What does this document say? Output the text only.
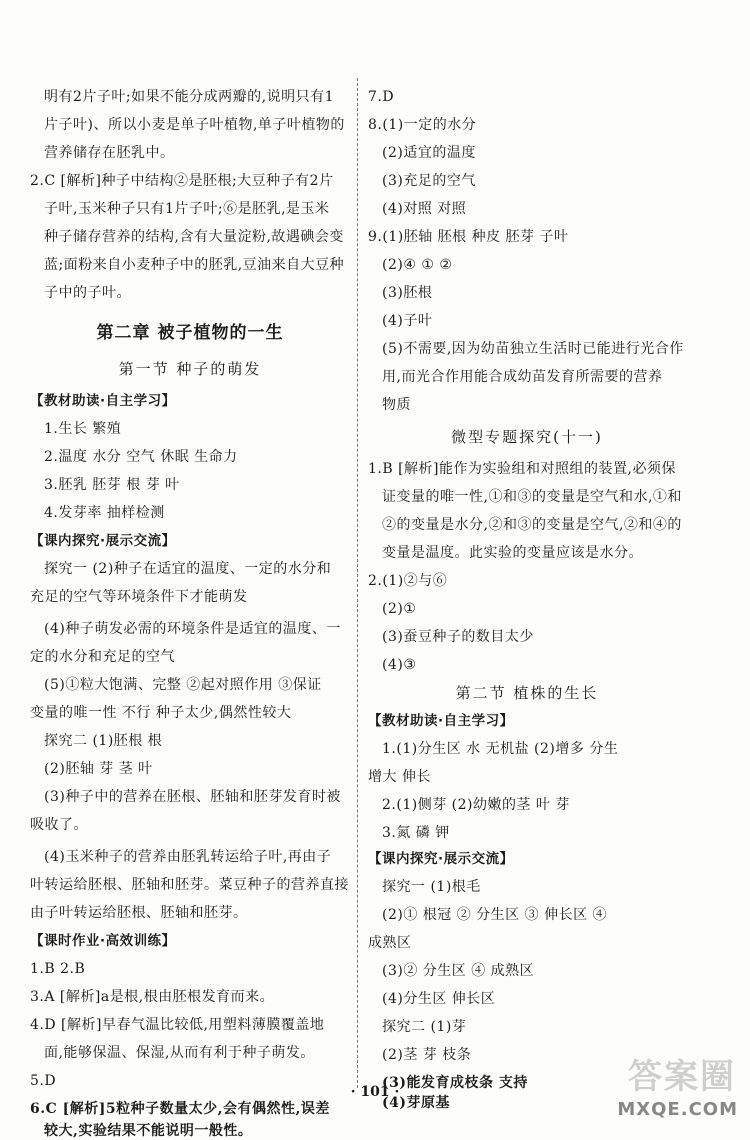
明有2片子叶;如果不能分成两瓣的,说明只有1
片子叶)、所以小麦是单子叶植物,单子叶植物的
营养储存在胚乳中。
2.C [解析]种子中结构②是胚根;大豆种子有2片
子叶,玉米种子只有1片子叶;⑥是胚乳,是玉米
种子储存营养的结构,含有大量淀粉,故遇碘会变
蓝;面粉来自小麦种子中的胚乳,豆油来自大豆种
子中的子叶。
第二章 被子植物的一生
第一节 种子的萌发
【教材助读·自主学习】
1.生长 繁殖
2.温度 水分 空气 休眠 生命力
3.胚乳 胚芽 根 芽 叶
4.发芽率 抽样检测
【课内探究·展示交流】
探究一 (2)种子在适宜的温度、一定的水分和
充足的空气等环境条件下才能萌发
(4)种子萌发必需的环境条件是适宜的温度、一
定的水分和充足的空气
(5)①粒大饱满、完整 ②起对照作用 ③保证
变量的唯一性 不行 种子太少,偶然性较大
探究二 (1)胚根 根
(2)胚轴 芽 茎 叶
(3)种子中的营养在胚根、胚轴和胚芽发育时被
吸收了。
(4)玉米种子的营养由胚乳转运给子叶,再由子
叶转运给胚根、胚轴和胚芽。菜豆种子的营养直接
由子叶转运给胚根、胚轴和胚芽。
【课时作业·高效训练】
1.B 2.B
3.A [解析]a是根,根由胚根发育而来。
4.D [解析]早春气温比较低,用塑料薄膜覆盖地
面,能够保温、保湿,从而有利于种子萌发。
5.D
6.C [解析]5粒种子数量太少,会有偶然性,误差
较大,实验结果不能说明一般性。
7.D
8.(1)一定的水分
(2)适宜的温度
(3)充足的空气
(4)对照 对照
9.(1)胚轴 胚根 种皮 胚芽 子叶
(2)④ ① ②
(3)胚根
(4)子叶
(5)不需要,因为幼苗独立生活时已能进行光合作
用,而光合作用能合成幼苗发育所需要的营养
物质
微型专题探究(十一)
1.B [解析]能作为实验组和对照组的装置,必须保
证变量的唯一性,①和③的变量是空气和水,①和
②的变量是水分,②和③的变量是空气,②和④的
变量是温度。此实验的变量应该是水分。
2.(1)②与⑥
(2)①
(3)蚕豆种子的数目太少
(4)③
第二节 植株的生长
【教材助读·自主学习】
1.(1)分生区 水 无机盐 (2)增多 分生
增大 伸长
2.(1)侧芽 (2)幼嫩的茎 叶 芽
3.氮 磷 钾
【课内探究·展示交流】
探究一 (1)根毛
(2)① 根冠 ② 分生区 ③ 伸长区 ④
成熟区
(3)② 分生区 ④ 成熟区
(4)分生区 伸长区
探究二 (1)芽
(2)茎 芽 枝条
(3)能发育成枝条 支持
(4)芽原基
· 101 ·	答案圈
MXQE.COM
